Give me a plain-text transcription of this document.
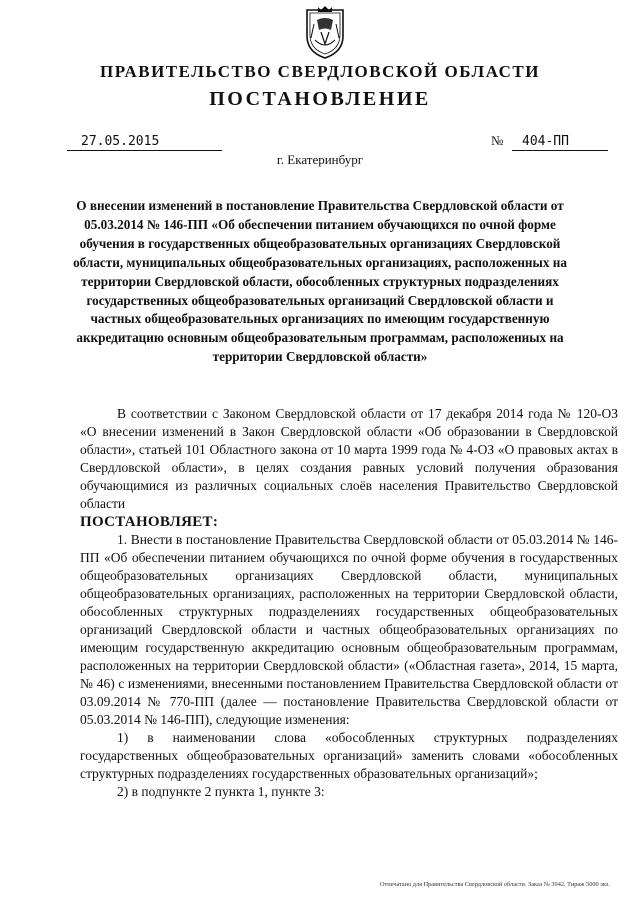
ПРАВИТЕЛЬСТВО СВЕРДЛОВСКОЙ ОБЛАСТИ
ПОСТАНОВЛЕНИЕ
27.05.2015	№	404-ПП
г. Екатеринбург
О внесении изменений в постановление Правительства Свердловской области от 05.03.2014 № 146-ПП «Об обеспечении питанием обучающихся по очной форме обучения в государственных общеобразовательных организациях Свердловской области, муниципальных общеобразовательных организациях, расположенных на территории Свердловской области, обособленных структурных подразделениях государственных общеобразовательных организаций Свердловской области и частных общеобразовательных организациях по имеющим государственную аккредитацию основным общеобразовательным программам, расположенных на территории Свердловской области»

В соответствии с Законом Свердловской области от 17 декабря 2014 года № 120-ОЗ «О внесении изменений в Закон Свердловской области «Об образовании в Свердловской области», статьей 101 Областного закона от 10 марта 1999 года № 4-ОЗ «О правовых актах в Свердловской области», в целях создания равных условий получения образования обучающимися из различных социальных слоёв населения Правительство Свердловской области

ПОСТАНОВЛЯЕТ:

1. Внести в постановление Правительства Свердловской области от 05.03.2014 № 146-ПП «Об обеспечении питанием обучающихся по очной форме обучения в государственных общеобразовательных организациях Свердловской области, муниципальных общеобразовательных организациях, расположенных на территории Свердловской области, обособленных структурных подразделениях государственных общеобразовательных организаций Свердловской области и частных общеобразовательных организациях по имеющим государственную аккредитацию основным общеобразовательным программам, расположенных на территории Свердловской области» («Областная газета», 2014, 15 марта, № 46) с изменениями, внесенными постановлением Правительства Свердловской области от 03.09.2014 № 770-ПП (далее — постановление Правительства Свердловской области от 05.03.2014 № 146-ПП), следующие изменения:

1) в наименовании слова «обособленных структурных подразделениях государственных общеобразовательных организаций» заменить словами «обособленных структурных подразделениях государственных образовательных организаций»;

2) в подпункте 2 пункта 1, пункте 3:

Отпечатано для Правительства Свердловской области. Заказ № 3942. Тираж 5000 экз.
